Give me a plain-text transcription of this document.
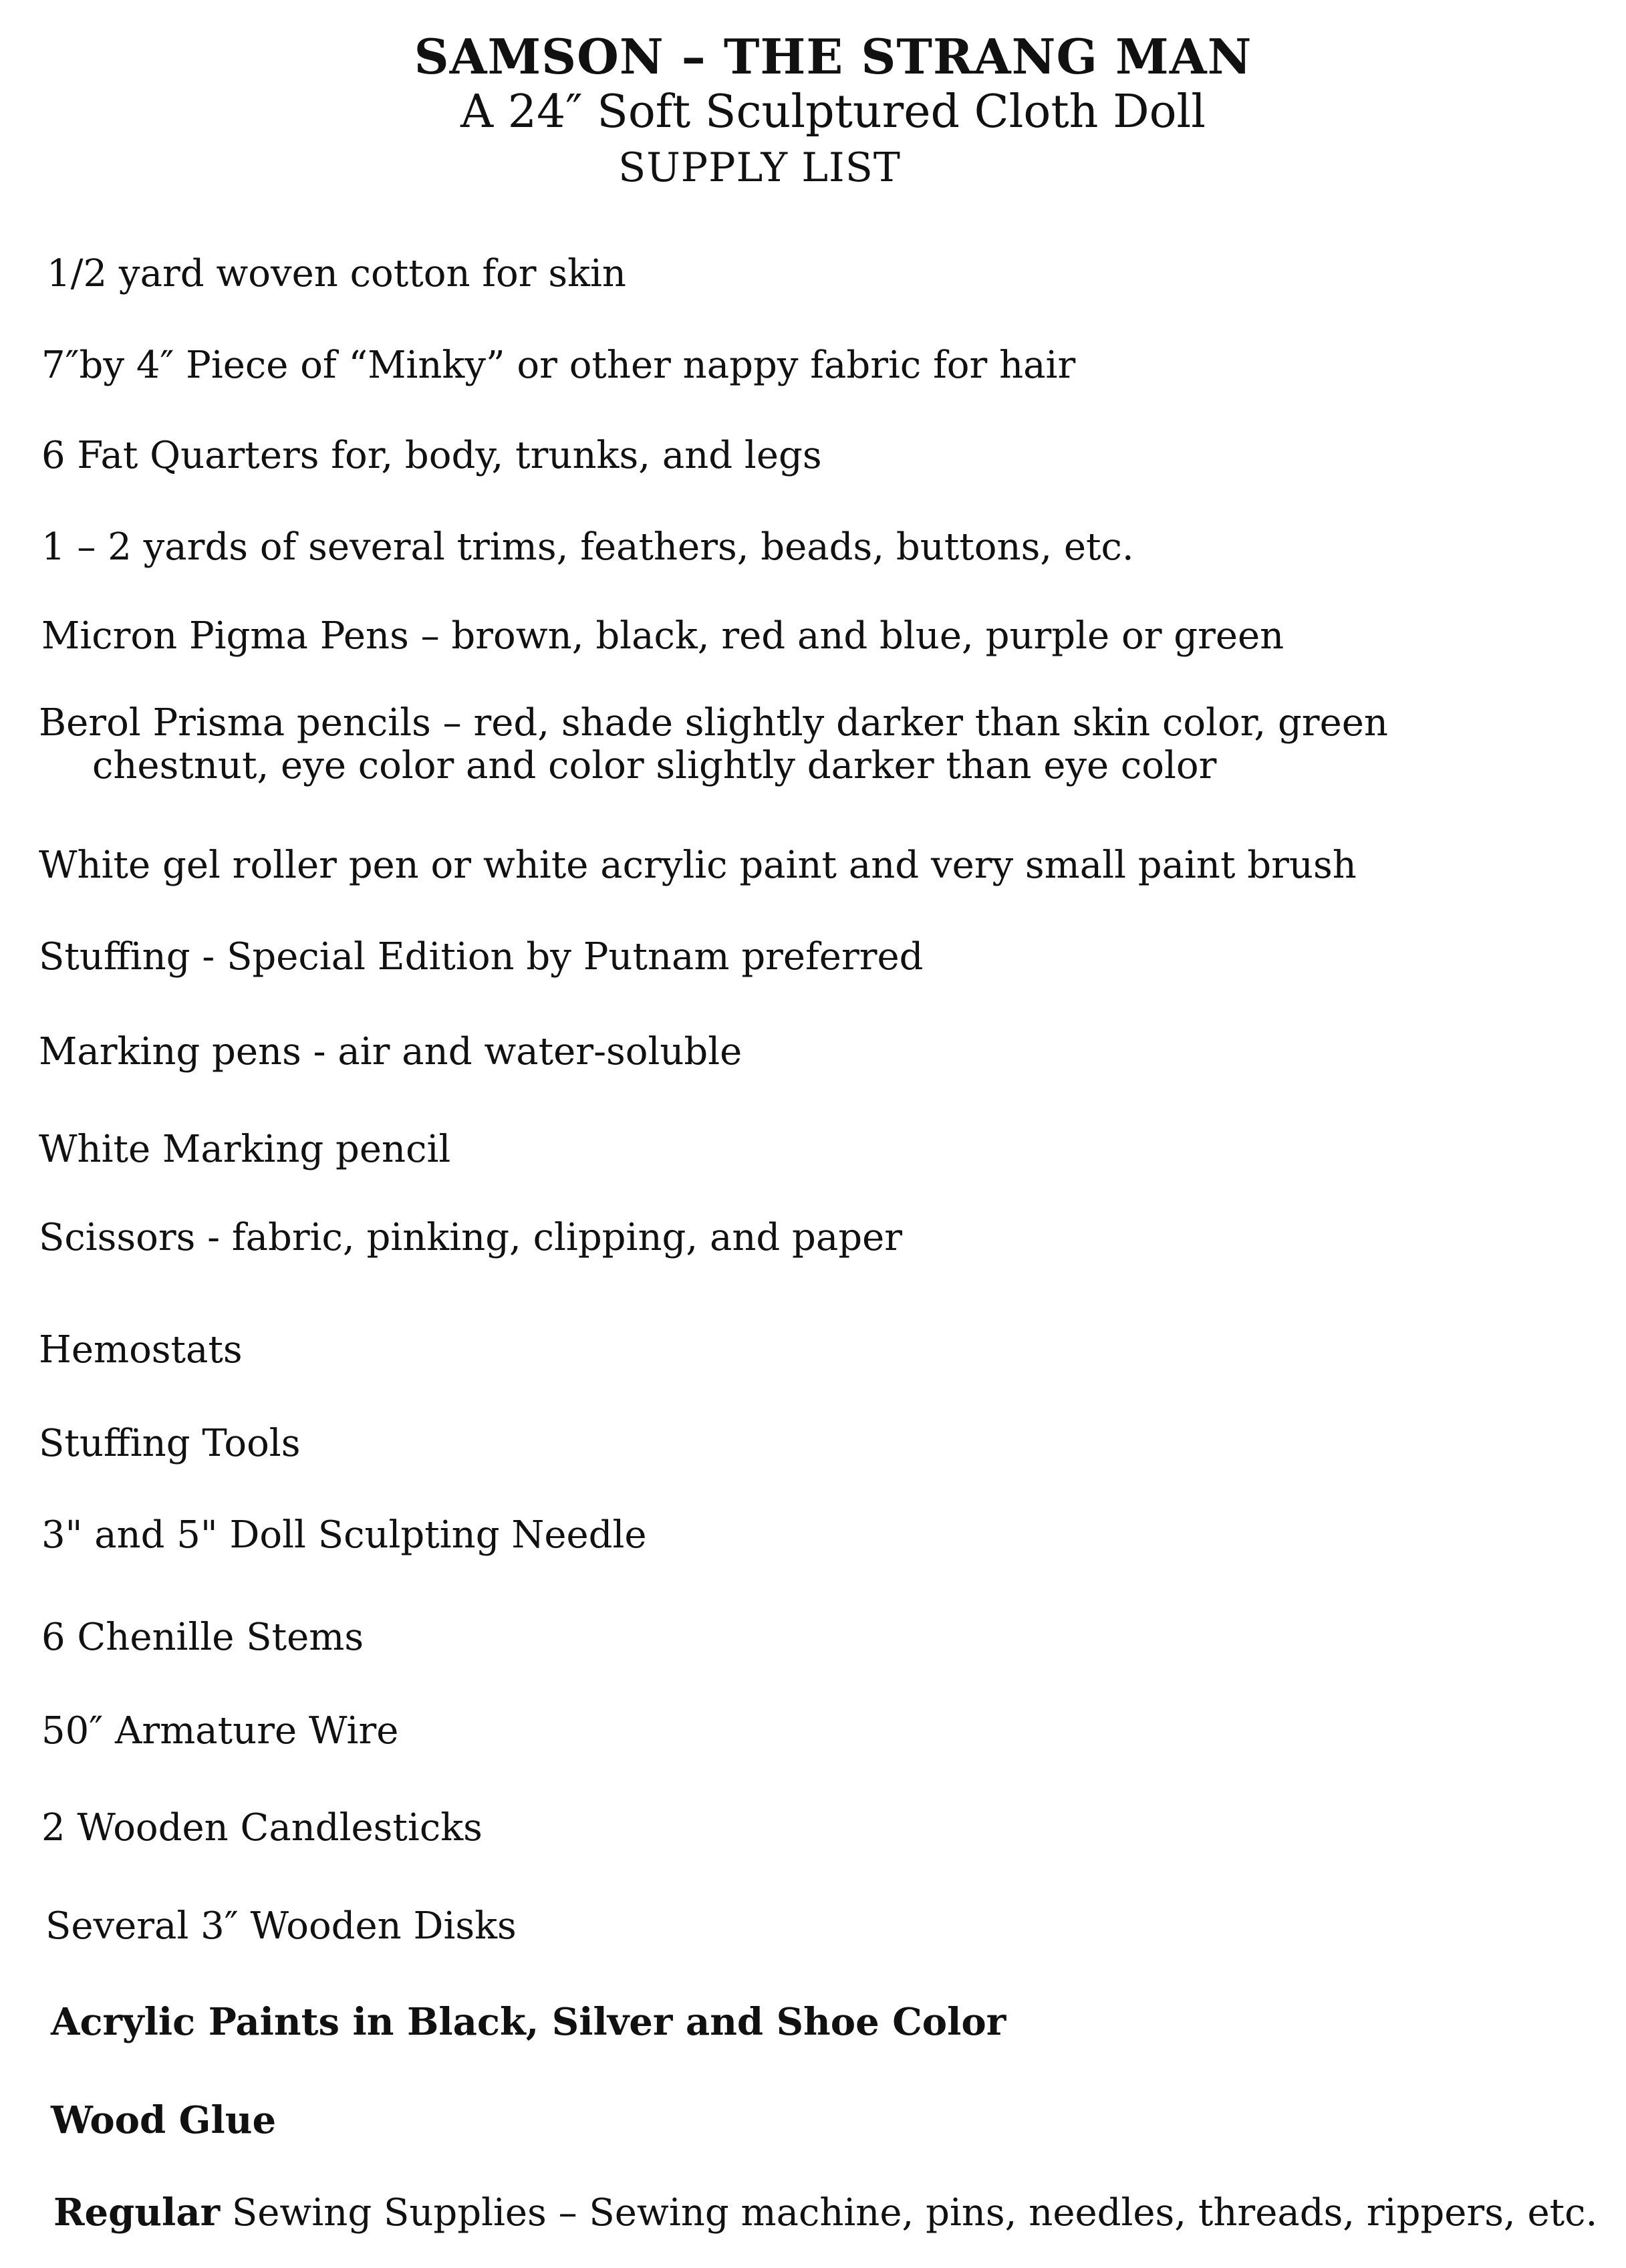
SAMSON – THE STRANG MAN
A 24″ Soft Sculptured Cloth Doll
SUPPLY LIST
1/2 yard woven cotton for skin
7″by 4″ Piece of “Minky” or other nappy fabric for hair
6 Fat Quarters for, body, trunks, and legs
1 – 2 yards of several trims, feathers, beads, buttons, etc.
Micron Pigma Pens – brown, black, red and blue, purple or green
Berol Prisma pencils – red, shade slightly darker than skin color, green
chestnut, eye color and color slightly darker than eye color
White gel roller pen or white acrylic paint and very small paint brush
Stuffing - Special Edition by Putnam preferred
Marking pens - air and water-soluble
White Marking pencil
Scissors - fabric, pinking, clipping, and paper
Hemostats
Stuffing Tools
3" and 5" Doll Sculpting Needle
6 Chenille Stems
50″ Armature Wire
2 Wooden Candlesticks
Several 3″ Wooden Disks
Acrylic Paints in Black, Silver and Shoe Color
Wood Glue
Regular Sewing Supplies – Sewing machine, pins, needles, threads, rippers, etc.
